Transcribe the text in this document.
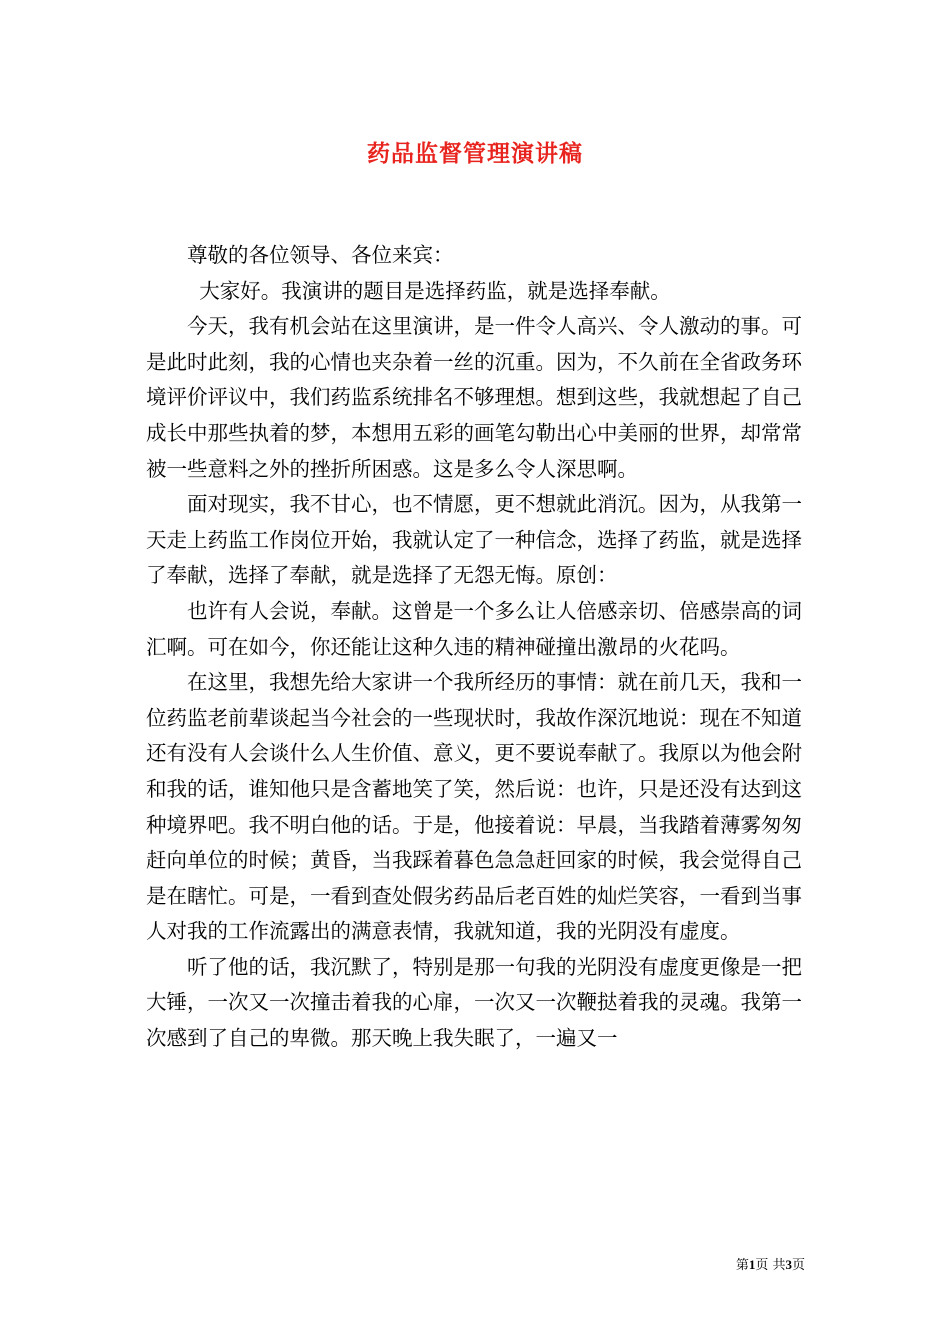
药品监督管理演讲稿

尊敬的各位领导、各位来宾：

大家好。我演讲的题目是选择药监，就是选择奉献。

今天，我有机会站在这里演讲，是一件令人高兴、令人激动的事。可是此时此刻，我的心情也夹杂着一丝的沉重。因为，不久前在全省政务环境评价评议中，我们药监系统排名不够理想。想到这些，我就想起了自己成长中那些执着的梦，本想用五彩的画笔勾勒出心中美丽的世界，却常常被一些意料之外的挫折所困惑。这是多么令人深思啊。

面对现实，我不甘心，也不情愿，更不想就此消沉。因为，从我第一天走上药监工作岗位开始，我就认定了一种信念，选择了药监，就是选择了奉献，选择了奉献，就是选择了无怨无悔。原创：

也许有人会说，奉献。这曾是一个多么让人倍感亲切、倍感崇高的词汇啊。可在如今，你还能让这种久违的精神碰撞出激昂的火花吗。

在这里，我想先给大家讲一个我所经历的事情：就在前几天，我和一位药监老前辈谈起当今社会的一些现状时，我故作深沉地说：现在不知道还有没有人会谈什么人生价值、意义，更不要说奉献了。我原以为他会附和我的话，谁知他只是含蓄地笑了笑，然后说：也许，只是还没有达到这种境界吧。我不明白他的话。于是，他接着说：早晨，当我踏着薄雾匆匆赶向单位的时候；黄昏，当我踩着暮色急急赶回家的时候，我会觉得自己是在瞎忙。可是，一看到查处假劣药品后老百姓的灿烂笑容，一看到当事人对我的工作流露出的满意表情，我就知道，我的光阴没有虚度。

听了他的话，我沉默了，特别是那一句我的光阴没有虚度更像是一把大锤，一次又一次撞击着我的心扉，一次又一次鞭挞着我的灵魂。我第一次感到了自己的卑微。那天晚上我失眠了，一遍又一

第1页 共3页
